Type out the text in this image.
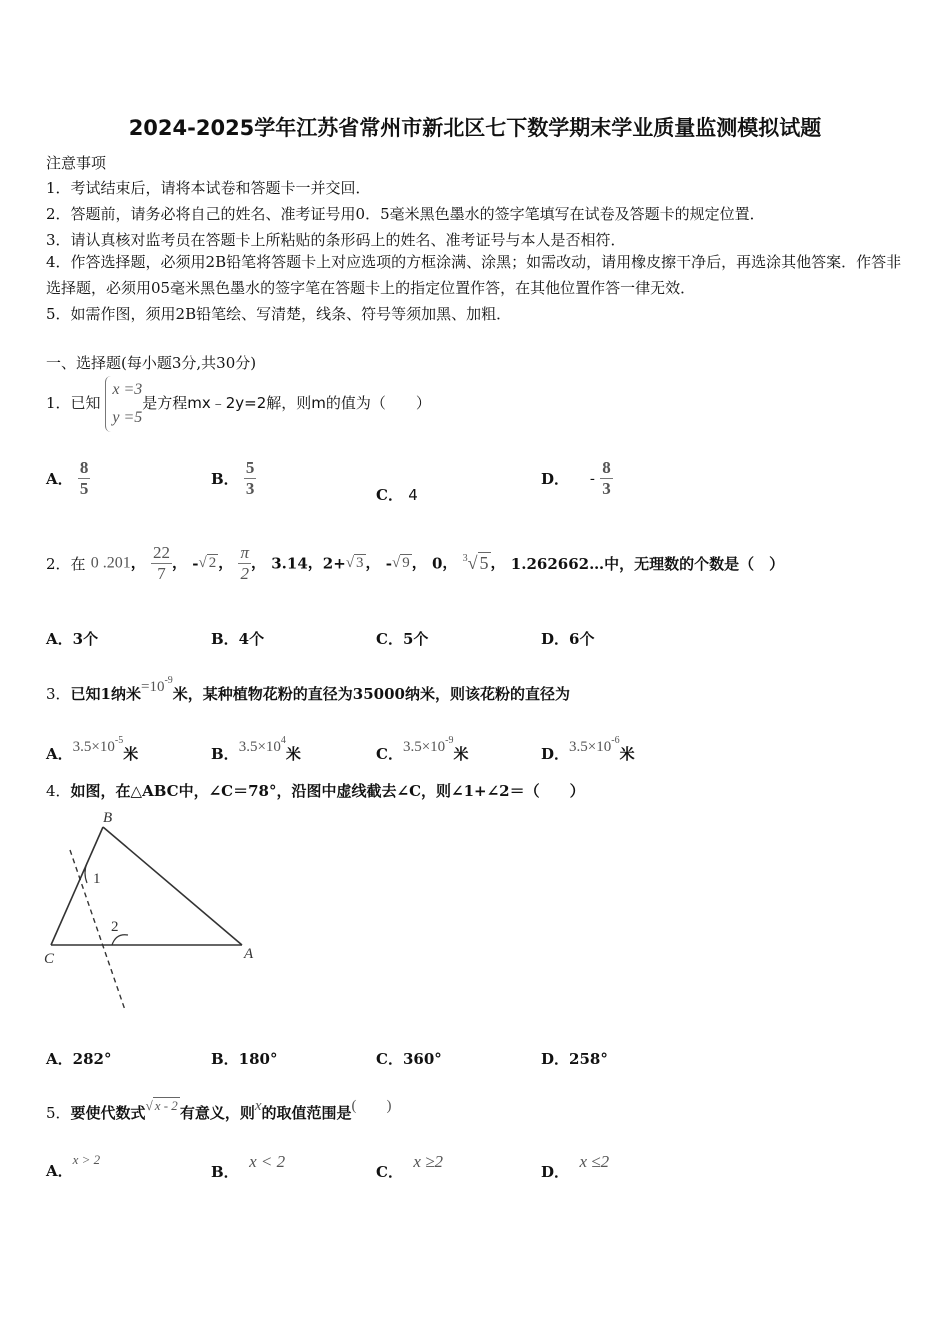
2024-2025学年江苏省常州市新北区七下数学期末学业质量监测模拟试题
注意事项
1．考试结束后，请将本试卷和答题卡一并交回．
2．答题前，请务必将自己的姓名、准考证号用0．5毫米黑色墨水的签字笔填写在试卷及答题卡的规定位置．
3．请认真核对监考员在答题卡上所粘贴的条形码上的姓名、准考证号与本人是否相符．
4．作答选择题，必须用2B铅笔将答题卡上对应选项的方框涂满、涂黑；如需改动，请用橡皮擦干净后，再选涂其他答案．作答非选择题，必须用05毫米黑色墨水的签字笔在答题卡上的指定位置作答，在其他位置作答一律无效．
5．如需作图，须用2B铅笔绘、写清楚，线条、符号等须加黑、加粗．
一、选择题(每小题3分,共30分)
1．已知
x =3
y =5
是方程mx﹣2y=2解，则m的值为（　　）
A． $\frac{8}{5}$	B． $\frac{5}{3}$	C． 4
D． - $\frac{8}{3}$
2．在 0 .201， $\frac{22}{7}$ ， -√ 2 ， $\frac{\pi}{2}$ ， 3.14，2+√ 3 ， -√ 9 ， 0， $^3$√ 5 ， 1.262662…中，无理数的个数是（　）
A．3个	B．4个	C．5个	D．6个
3．已知1纳米$=10^{-9}$米，某种植物花粉的直径为35000纳米，则该花粉的直径为
A．$3.5\times 10^{-5}$米	B．$3.5\times 10^4$米	C．$3.5\times 10^{-9}$米	D．$3.5\times 10^{-6}$米
4．如图，在△ABC中，∠C＝78°，沿图中虚线截去∠C，则∠1+∠2＝（　　）
B
C	A
1
2
A．282°	B．180°	C．360°	D．258°
5．要使代数式√ x - 2 有意义，则x的取值范围是(　　)
A．x > 2
B．  x < 2
C．  x ≥2
D．  x ≤2
